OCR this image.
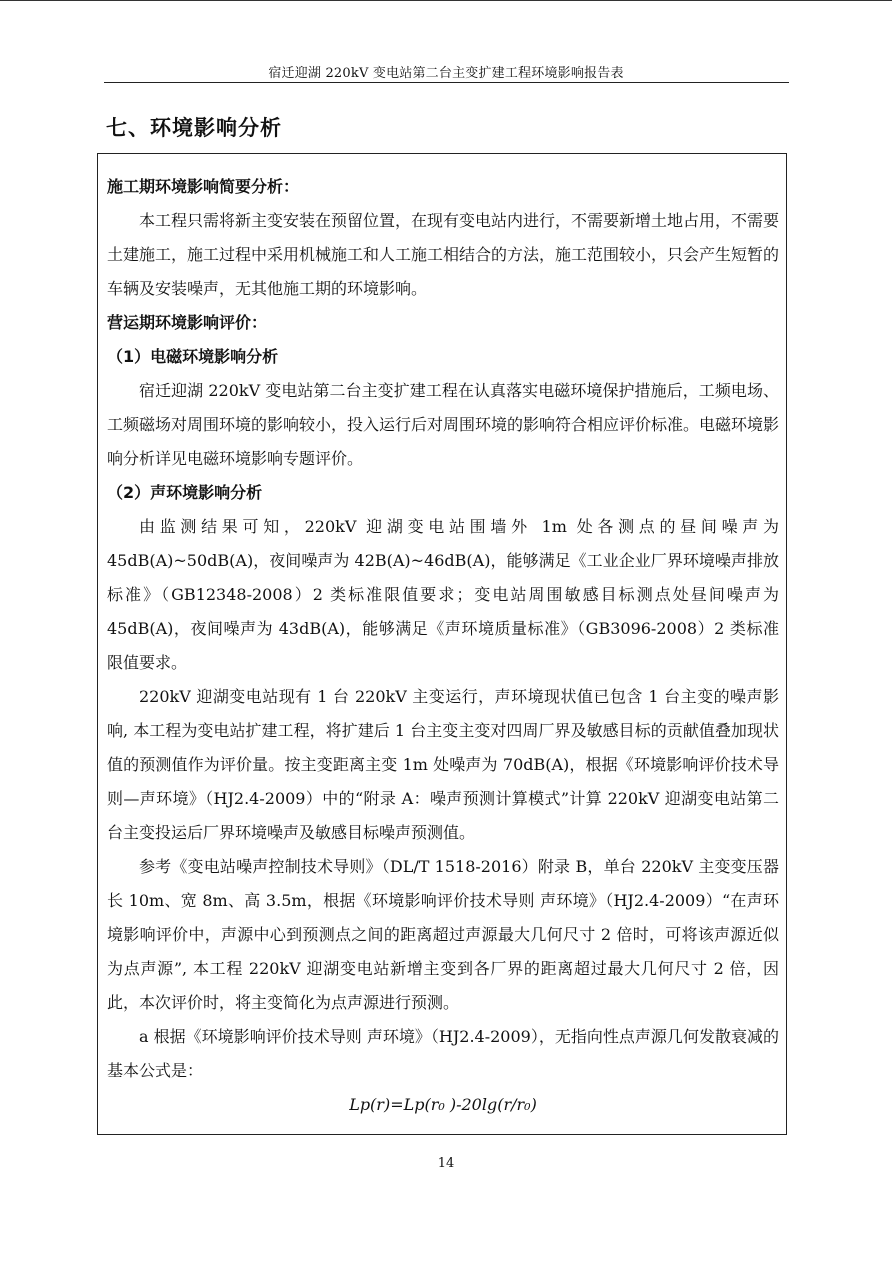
宿迁迎湖 220kV 变电站第二台主变扩建工程环境影响报告表
七、环境影响分析
施工期环境影响简要分析：

本工程只需将新主变安装在预留位置，在现有变电站内进行，不需要新增土地占用，不需要土建施工，施工过程中采用机械施工和人工施工相结合的方法，施工范围较小，只会产生短暂的车辆及安装噪声，无其他施工期的环境影响。

营运期环境影响评价：
（1）电磁环境影响分析

宿迁迎湖 220kV 变电站第二台主变扩建工程在认真落实电磁环境保护措施后，工频电场、工频磁场对周围环境的影响较小，投入运行后对周围环境的影响符合相应评价标准。电磁环境影响分析详见电磁环境影响专题评价。

（2）声环境影响分析

由监测结果可知，220kV 迎湖变电站围墙外 1m 处各测点的昼间噪声为 45dB(A)~50dB(A)，夜间噪声为 42B(A)~46dB(A)，能够满足《工业企业厂界环境噪声排放标准》（GB12348-2008）2 类标准限值要求；变电站周围敏感目标测点处昼间噪声为 45dB(A)，夜间噪声为 43dB(A)，能够满足《声环境质量标准》（GB3096-2008）2 类标准限值要求。

220kV 迎湖变电站现有 1 台 220kV 主变运行，声环境现状值已包含 1 台主变的噪声影响, 本工程为变电站扩建工程，将扩建后 1 台主变主变对四周厂界及敏感目标的贡献值叠加现状值的预测值作为评价量。按主变距离主变 1m 处噪声为 70dB(A)，根据《环境影响评价技术导则—声环境》（HJ2.4-2009）中的“附录 A：噪声预测计算模式”计算 220kV 迎湖变电站第二台主变投运后厂界环境噪声及敏感目标噪声预测值。

参考《变电站噪声控制技术导则》（DL/T 1518-2016）附录 B，单台 220kV 主变变压器长 10m、宽 8m、高 3.5m，根据《环境影响评价技术导则 声环境》（HJ2.4-2009）“在声环境影响评价中，声源中心到预测点之间的距离超过声源最大几何尺寸 2 倍时，可将该声源近似为点声源”, 本工程 220kV 迎湖变电站新增主变到各厂界的距离超过最大几何尺寸 2 倍，因此，本次评价时，将主变简化为点声源进行预测。

a 根据《环境影响评价技术导则 声环境》（HJ2.4-2009），无指向性点声源几何发散衰减的基本公式是：

Lp(r)=Lp(r₀ )-20lg(r/r₀)
14
